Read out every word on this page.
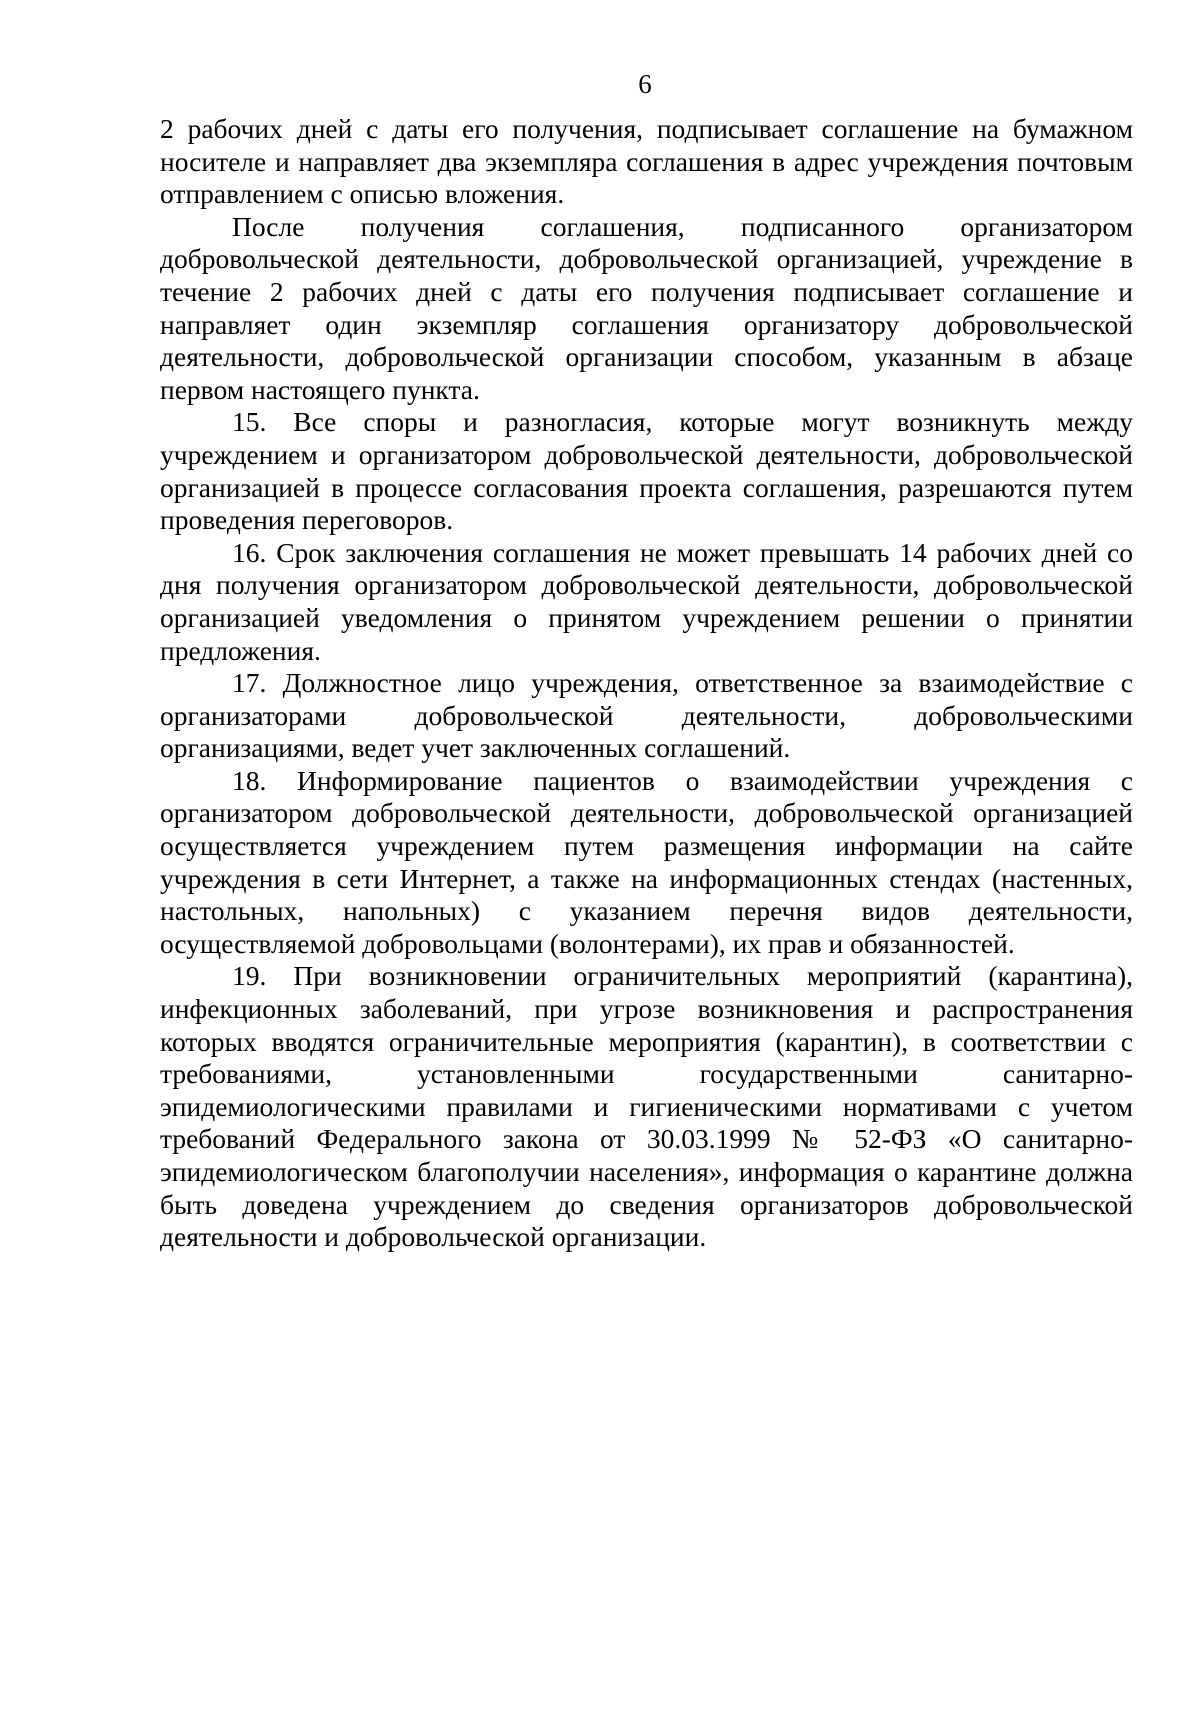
6

2 рабочих дней с даты его получения, подписывает соглашение на бумажном носителе и направляет два экземпляра соглашения в адрес учреждения почтовым отправлением с описью вложения.

После получения соглашения, подписанного организатором добровольческой деятельности, добровольческой организацией, учреждение в течение 2 рабочих дней с даты его получения подписывает соглашение и направляет один экземпляр соглашения организатору добровольческой деятельности, добровольческой организации способом, указанным в абзаце первом настоящего пункта.

15. Все споры и разногласия, которые могут возникнуть между учреждением и организатором добровольческой деятельности, добровольческой организацией в процессе согласования проекта соглашения, разрешаются путем проведения переговоров.

16. Срок заключения соглашения не может превышать 14 рабочих дней со дня получения организатором добровольческой деятельности, добровольческой организацией уведомления о принятом учреждением решении о принятии предложения.

17. Должностное лицо учреждения, ответственное за взаимодействие с организаторами добровольческой деятельности, добровольческими организациями, ведет учет заключенных соглашений.

18. Информирование пациентов о взаимодействии учреждения с организатором добровольческой деятельности, добровольческой организацией осуществляется учреждением путем размещения информации на сайте учреждения в сети Интернет, а также на информационных стендах (настенных, настольных, напольных) с указанием перечня видов деятельности, осуществляемой добровольцами (волонтерами), их прав и обязанностей.

19. При возникновении ограничительных мероприятий (карантина), инфекционных заболеваний, при угрозе возникновения и распространения которых вводятся ограничительные мероприятия (карантин), в соответствии с требованиями, установленными государственными санитарно-эпидемиологическими правилами и гигиеническими нормативами с учетом требований Федерального закона от 30.03.1999 № 52-ФЗ «О санитарно-эпидемиологическом благополучии населения», информация о карантине должна быть доведена учреждением до сведения организаторов добровольческой деятельности и добровольческой организации.
